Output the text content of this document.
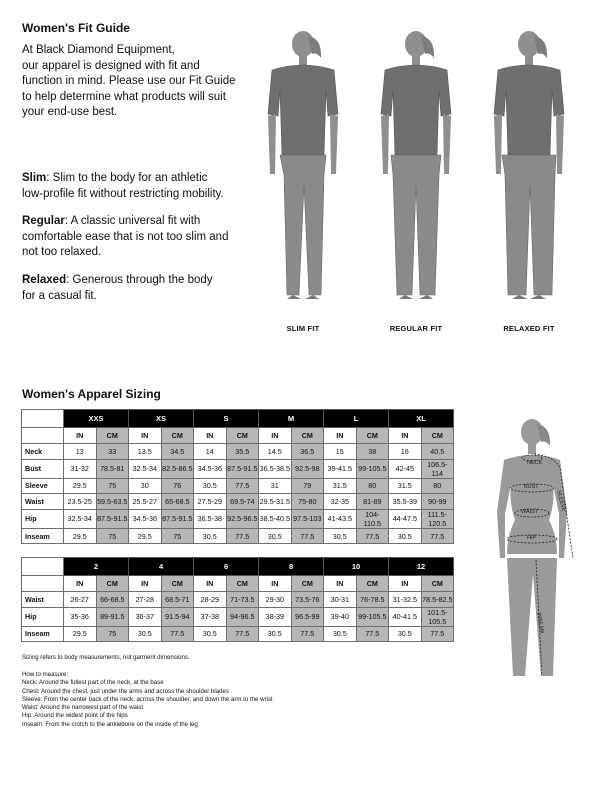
Women's Fit Guide
At Black Diamond Equipment,
our apparel is designed with fit and
function in mind. Please use our Fit Guide
to help determine what products will suit
your end-use best.
Slim: Slim to the body for an athletic
low-profile fit without restricting mobility.
Regular: A classic universal fit with
comfortable ease that is not too slim and
not too relaxed.
Relaxed: Generous through the body
for a casual fit.
SLIM FIT	REGULAR FIT	RELAXED FIT
Women's Apparel Sizing
	XXS		XS		S		M		L		XL	
	IN	CM	IN	CM	IN	CM	IN	CM	IN	CM	IN	CM
Neck	13	33	13.5	34.5	14	35.5	14.5	36.5	15	38	16	40.5
Bust	31-32	78.5-81	32.5-34	82.5-86.5	34.5-36	87.5-91.5	36.5-38.5	92.5-98	39-41.5	99-105.5	42-45	106.5-114
Sleeve	29.5	75	30	76	30.5	77.5	31	79	31.5	80	31.5	80
Waist	23.5-25	59.5-63.5	25.5-27	65-68.5	27.5-29	69.5-74	29.5-31.5	75-80	32-35	81-89	35.5-39	90-99
Hip	32.5-34	87.5-91.5	34.5-36	87.5-91.5	36.5-38	92.5-96.5	38.5-40.5	97.5-103	41-43.5	104-110.5	44-47.5	111.5-120.5
Inseam	29.5	75	29.5	75	30.5	77.5	30.5	77.5	30.5	77.5	30.5	77.5
	2		4		6		8		10		12	
	IN	CM	IN	CM	IN	CM	IN	CM	IN	CM	IN	CM
Waist	26-27	66-68.5	27-28	68.5-71	28-29	71-73.5	29-30	73.5-76	30-31	76-78.5	31-32.5	78.5-82.5
Hip	35-36	89-91.5	36-37	91.5-94	37-38	94-96.5	38-39	96.5-99	39-40	99-105.5	40-41.5	101.5-105.5
Inseam	29.5	75	30.5	77.5	30.5	77.5	30.5	77.5	30.5	77.5	30.5	77.5
Sizing refers to body measurements, not garment dimensions.
How to measure:
Neck: Around the fullest part of the neck, at the base
Chest: Around the chest, just under the arms and across the shoulder blades
Sleeve: From the center back of the neck, across the shoulder, and down the arm to the wrist
Waist: Around the narrowest part of the waist
Hip: Around the widest point of the hips
Inseam: From the crotch to the anklebone on the inside of the leg
NECK
BUST
WAIST
HIP
SLEEVE
INSEAM
